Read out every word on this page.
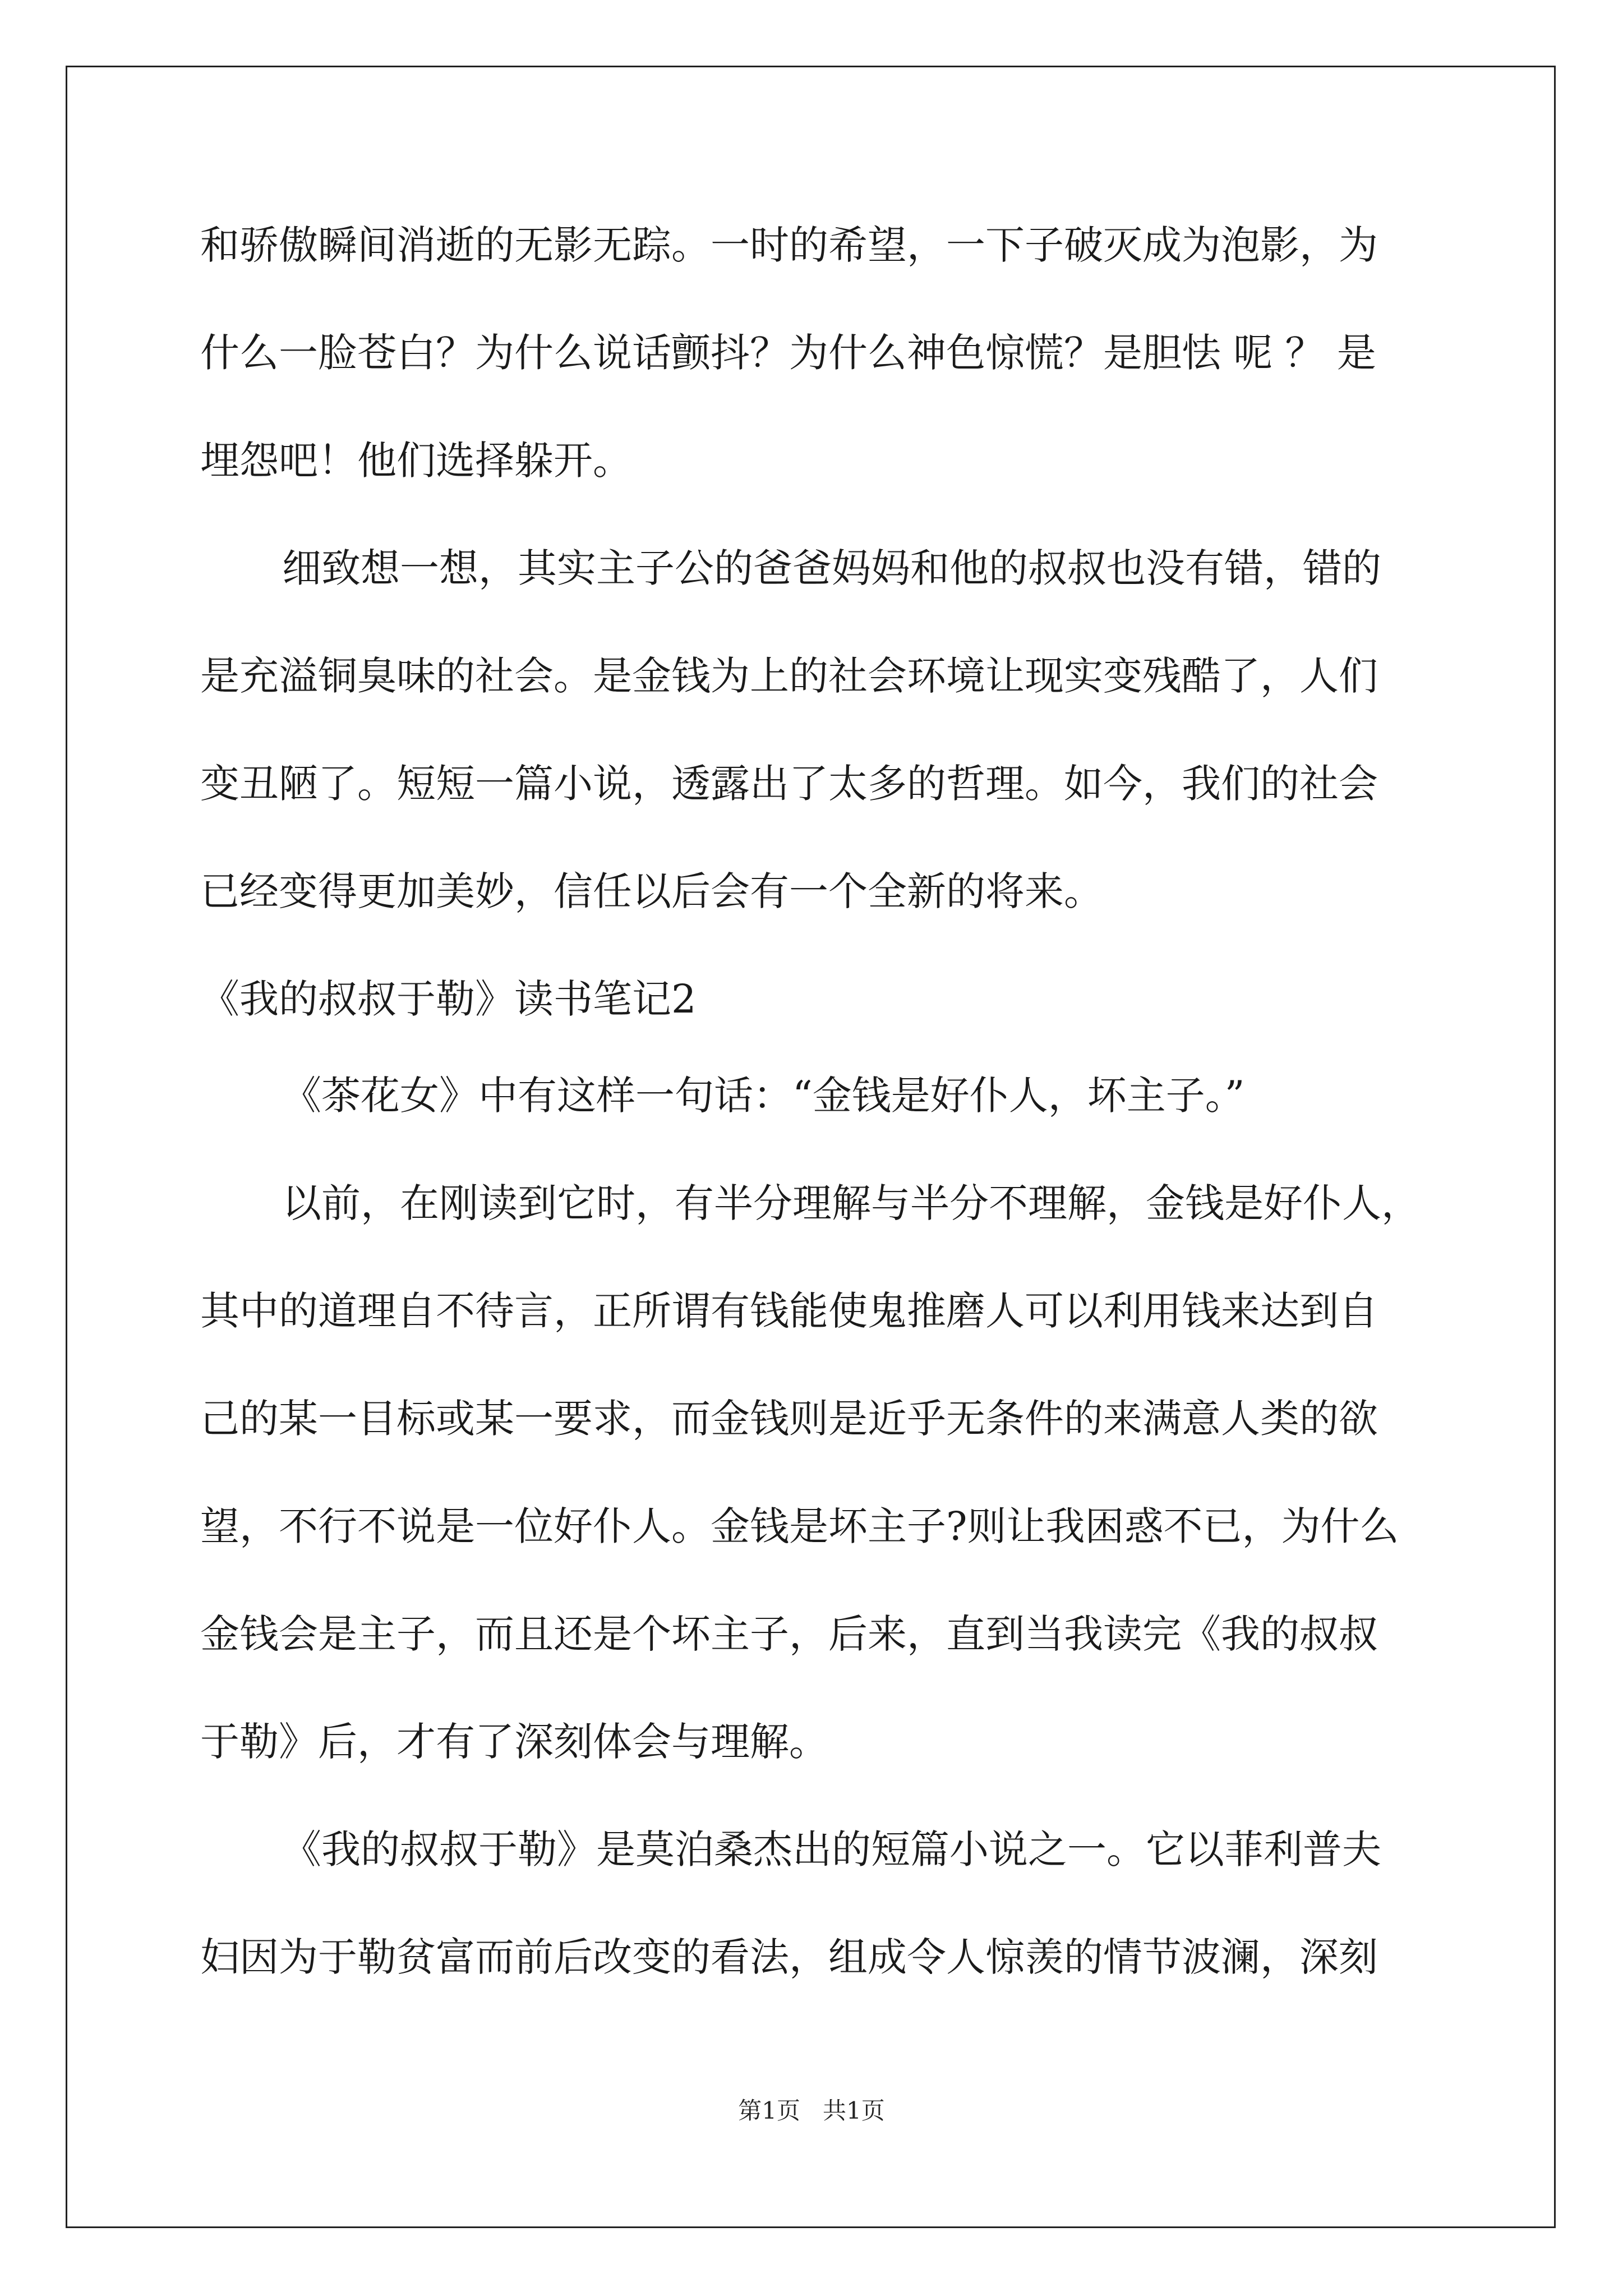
和骄傲瞬间消逝的无影无踪。一时的希望，一下子破灭成为泡影，为
什么一脸苍白？为什么说话颤抖？为什么神色惊慌？是胆怯 呢 ？ 是
埋怨吧！他们选择躲开。
细致想一想，其实主子公的爸爸妈妈和他的叔叔也没有错，错的
是充溢铜臭味的社会。是金钱为上的社会环境让现实变残酷了，人们
变丑陋了。短短一篇小说，透露出了太多的哲理。如今，我们的社会
已经变得更加美妙，信任以后会有一个全新的将来。
《我的叔叔于勒》读书笔记2
《茶花女》中有这样一句话：“金钱是好仆人，坏主子。”
以前，在刚读到它时，有半分理解与半分不理解，金钱是好仆人，
其中的道理自不待言，正所谓有钱能使鬼推磨人可以利用钱来达到自
己的某一目标或某一要求，而金钱则是近乎无条件的来满意人类的欲
望，不行不说是一位好仆人。金钱是坏主子?则让我困惑不已，为什么
金钱会是主子，而且还是个坏主子，后来，直到当我读完《我的叔叔
于勒》后，才有了深刻体会与理解。
《我的叔叔于勒》是莫泊桑杰出的短篇小说之一。它以菲利普夫
妇因为于勒贫富而前后改变的看法，组成令人惊羡的情节波澜，深刻
第1页 共1页
